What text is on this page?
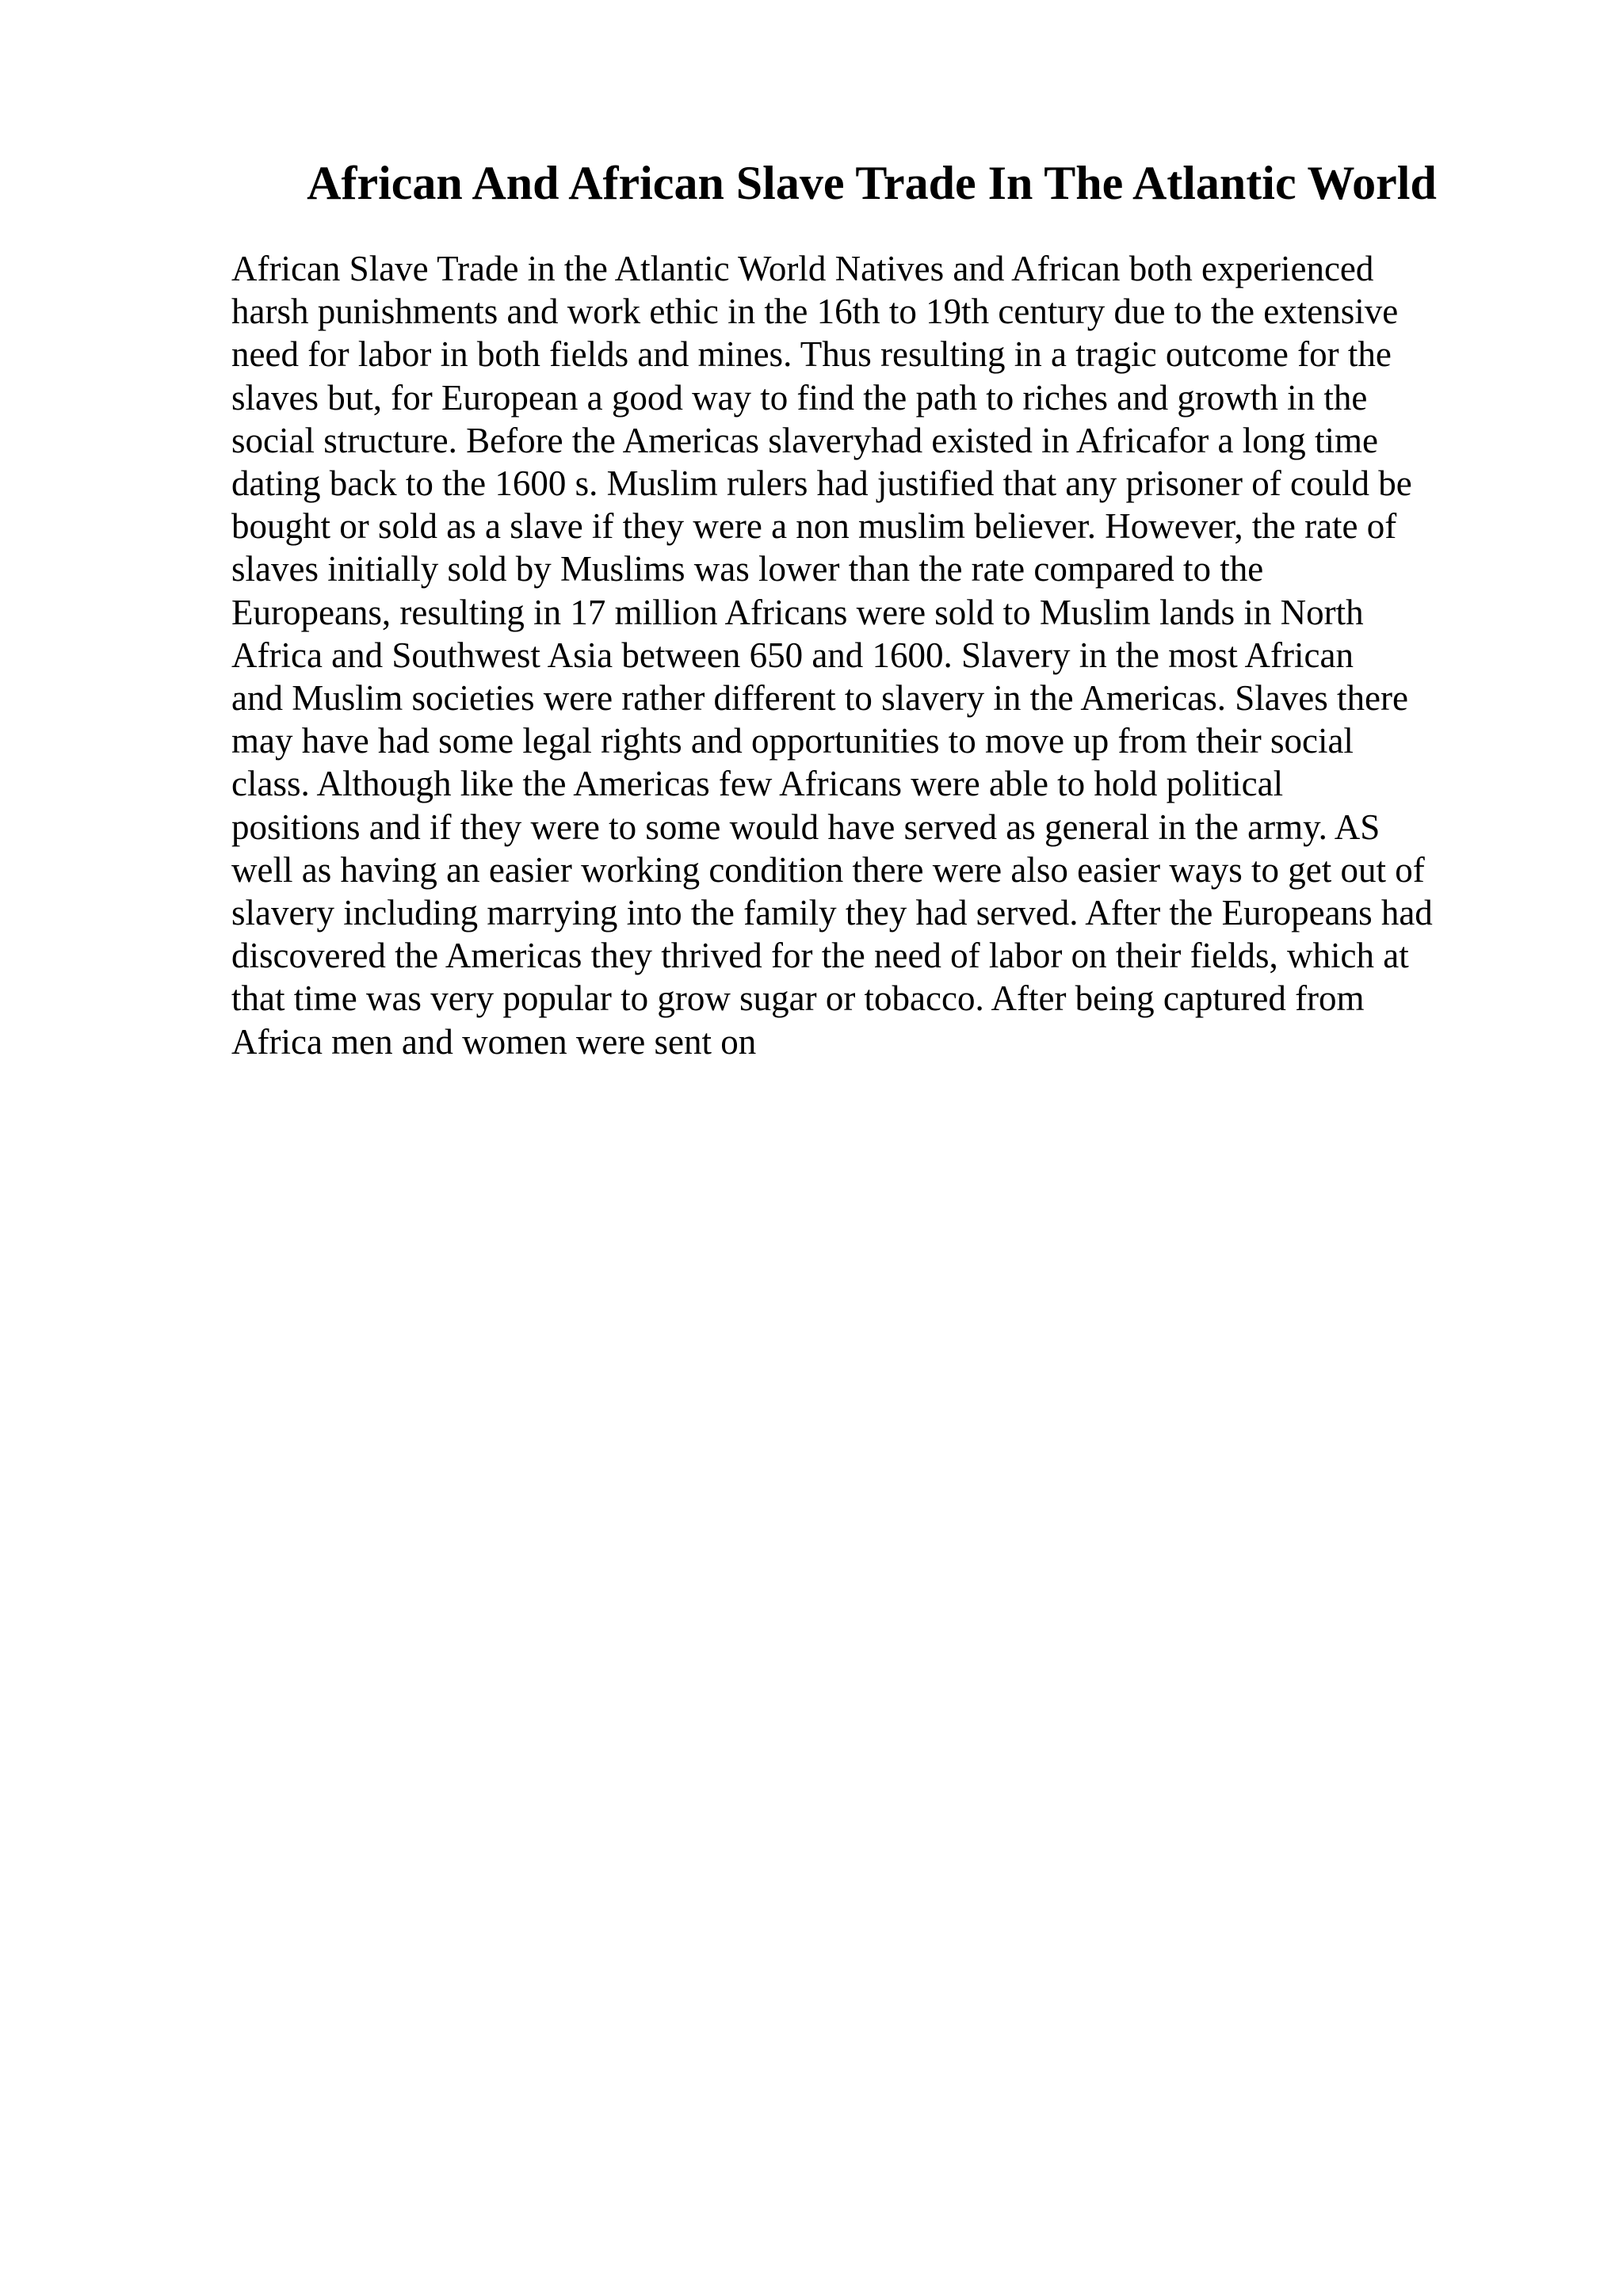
African And African Slave Trade In The Atlantic World
African Slave Trade in the Atlantic World Natives and African both experienced
harsh punishments and work ethic in the 16th to 19th century due to the extensive
need for labor in both fields and mines. Thus resulting in a tragic outcome for the
slaves but, for European a good way to find the path to riches and growth in the
social structure. Before the Americas slaveryhad existed in Africafor a long time
dating back to the 1600 s. Muslim rulers had justified that any prisoner of could be
bought or sold as a slave if they were a non muslim believer. However, the rate of
slaves initially sold by Muslims was lower than the rate compared to the
Europeans, resulting in 17 million Africans were sold to Muslim lands in North
Africa and Southwest Asia between 650 and 1600. Slavery in the most African
and Muslim societies were rather different to slavery in the Americas. Slaves there
may have had some legal rights and opportunities to move up from their social
class. Although like the Americas few Africans were able to hold political
positions and if they were to some would have served as general in the army. AS
well as having an easier working condition there were also easier ways to get out of
slavery including marrying into the family they had served. After the Europeans had
discovered the Americas they thrived for the need of labor on their fields, which at
that time was very popular to grow sugar or tobacco. After being captured from
Africa men and women were sent on
